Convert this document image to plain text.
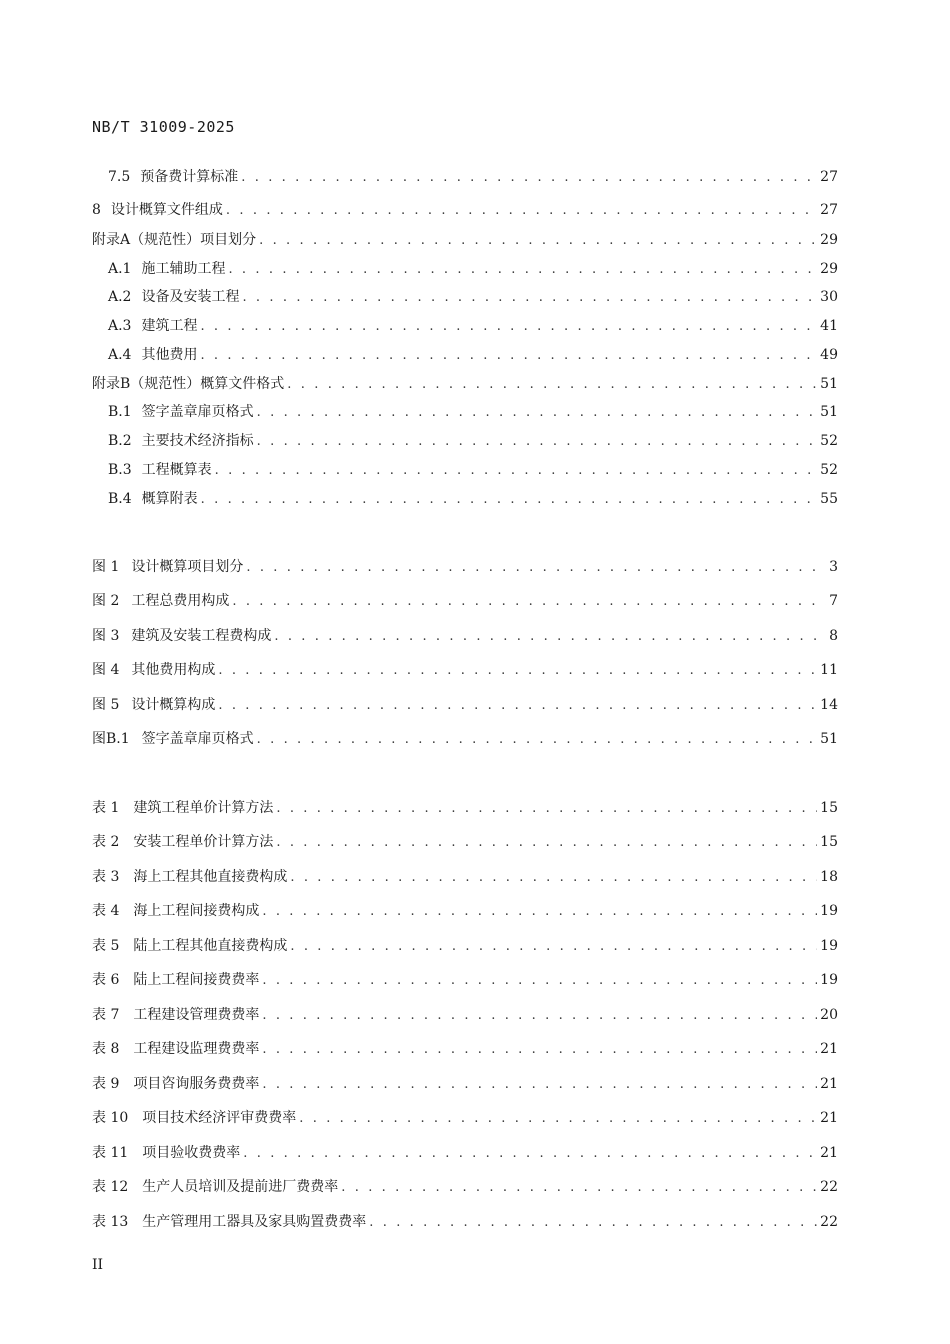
NB/T 31009-2025
7.5 预备费计算标准 . . .	27
8 设计概算文件组成 . . .	27
附录A （规范性）项目划分 . . .	29
A.1 施工辅助工程 . . .	29
A.2 设备及安装工程 . . .	30
A.3 建筑工程 . . .	41
A.4 其他费用 . . .	49
附录B （规范性）概算文件格式 . . .	51
B.1 签字盖章扉页格式 . . .	51
B.2 主要技术经济指标 . . .	52
B.3 工程概算表 . . .	52
B.4 概算附表 . . .	55
图 1 设计概算项目划分 . . .	3
图 2 工程总费用构成 . . .	7
图 3 建筑及安装工程费构成 . . .	8
图 4 其他费用构成 . . .	11
图 5 设计概算构成 . . .	14
图B.1 签字盖章扉页格式 . . .	51
表 1 建筑工程单价计算方法 . . .	15
表 2 安装工程单价计算方法 . . .	15
表 3 海上工程其他直接费构成 . . .	18
表 4 海上工程间接费构成 . . .	19
表 5 陆上工程其他直接费构成 . . .	19
表 6 陆上工程间接费费率 . . .	19
表 7 工程建设管理费费率 . . .	20
表 8 工程建设监理费费率 . . .	21
表 9 项目咨询服务费费率 . . .	21
表 10 项目技术经济评审费费率 . . .	21
表 11 项目验收费费率 . . .	21
表 12 生产人员培训及提前进厂费费率 . . .	22
表 13 生产管理用工器具及家具购置费费率 . . .	22
II
